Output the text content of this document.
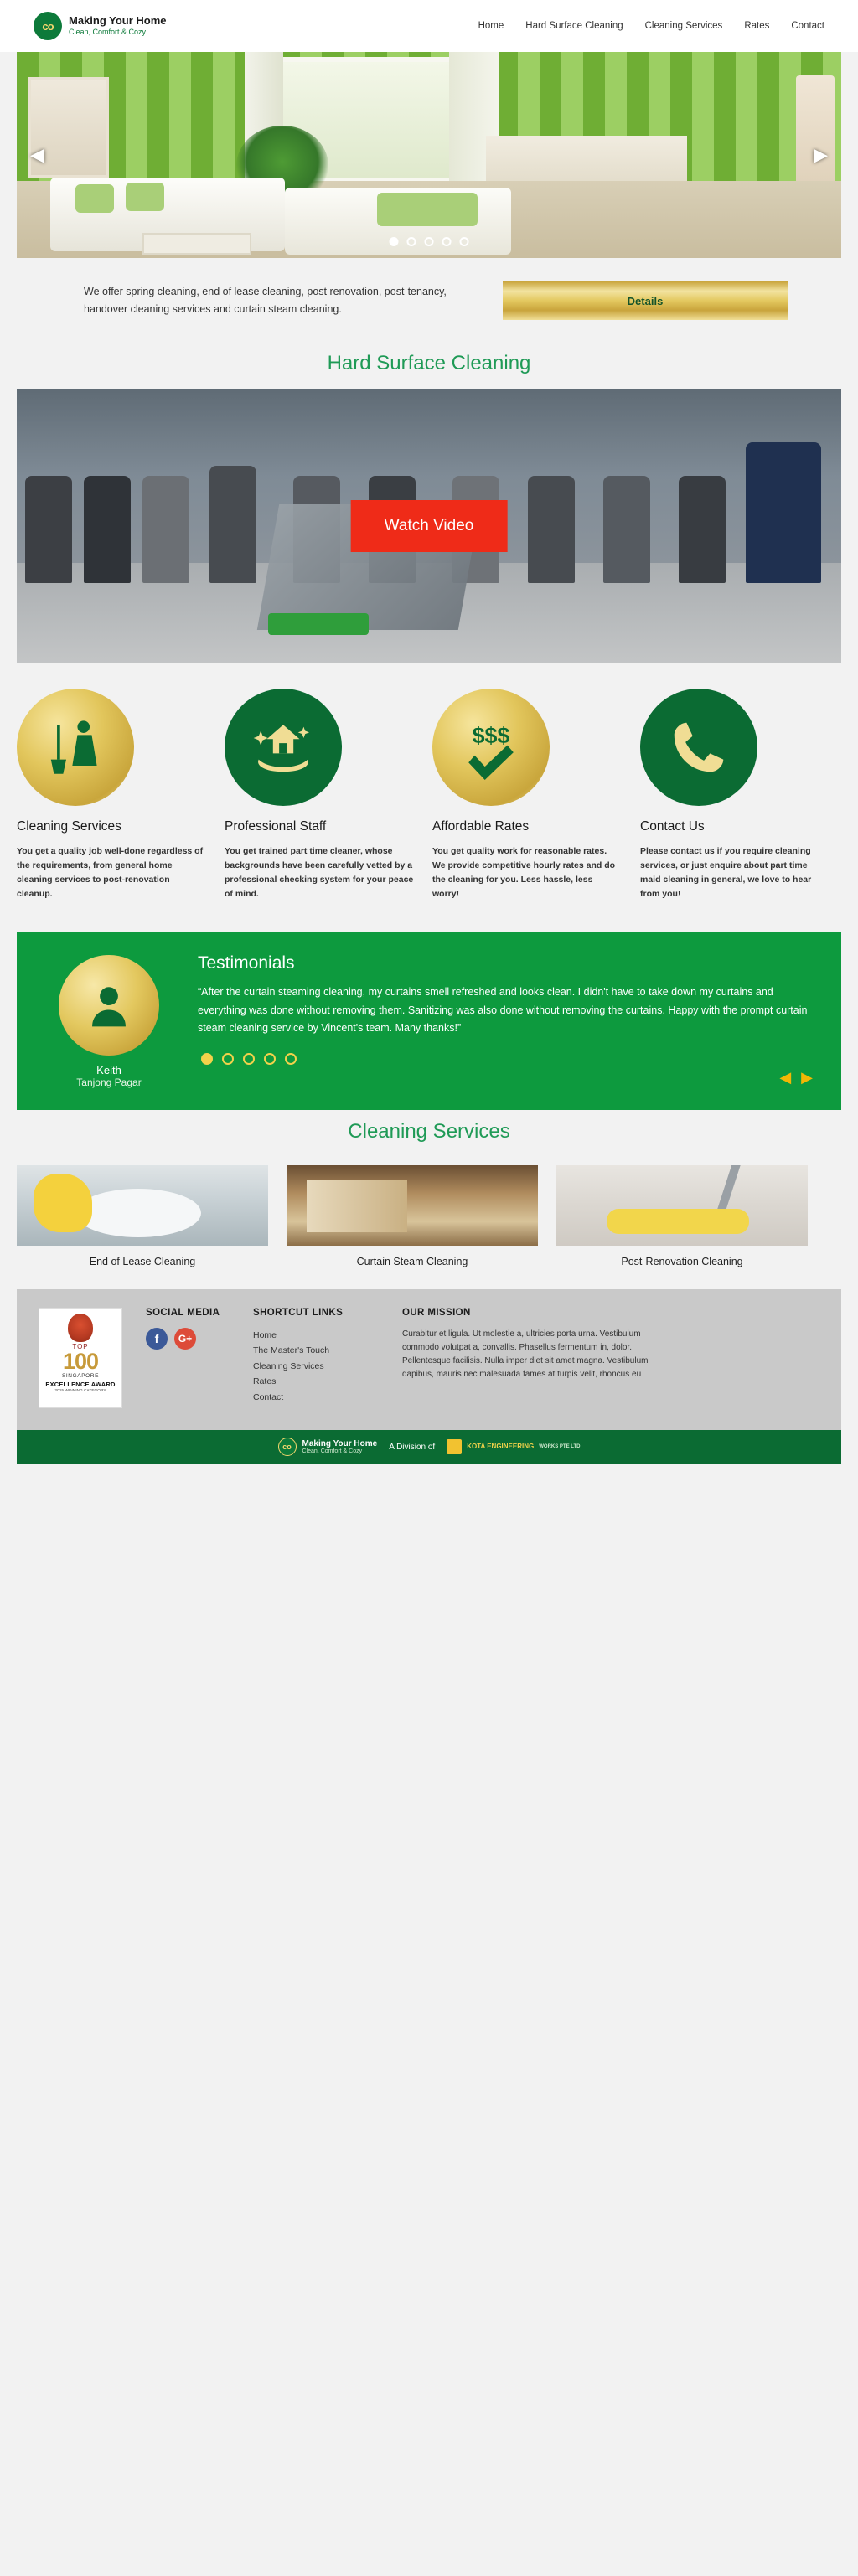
co	Making Your Home
Clean, Comfort & Cozy
Home Hard Surface Cleaning Cleaning Services Rates Contact
◀	▶
We offer spring cleaning, end of lease cleaning, post renovation, post-tenancy, handover cleaning services and curtain steam cleaning.
Details
Hard Surface Cleaning
Watch Video
Cleaning Services

You get a quality job well-done regardless of the requirements, from general home cleaning services to post-renovation cleanup.

Professional Staff

You get trained part time cleaner, whose backgrounds have been carefully vetted by a professional checking system for your peace of mind.

$$$
Affordable Rates

You get quality work for reasonable rates. We provide competitive hourly rates and do the cleaning for you. Less hassle, less worry!

Contact Us

Please contact us if you require cleaning services, or just enquire about part time maid cleaning in general, we love to hear from you!

Keith
Tanjong Pagar
Testimonials
“After the curtain steaming cleaning, my curtains smell refreshed and looks clean. I didn't have to take down my curtains and everything was done without removing them. Sanitizing was also done without removing the curtains. Happy with the prompt curtain steam cleaning service by Vincent's team. Many thanks!”
◀ ▶
Cleaning Services
End of Lease Cleaning	Curtain Steam Cleaning	Post-Renovation Cleaning
TOP
100
SINGAPORE
EXCELLENCE AWARD
2015 WINNING CATEGORY
SOCIAL MEDIA
f	G+
SHORTCUT LINKS
Home
The Master's Touch
Cleaning Services
Rates
Contact
OUR MISSION

Curabitur et ligula. Ut molestie a, ultricies porta urna. Vestibulum commodo volutpat a, convallis. Phasellus fermentum in, dolor. Pellentesque facilisis. Nulla imper diet sit amet magna. Vestibulum dapibus, mauris nec malesuada fames at turpis velit, rhoncus eu

co	Making Your Home
Clean, Comfort & Cozy	A Division of	KOTA ENGINEERING WORKS PTE LTD
